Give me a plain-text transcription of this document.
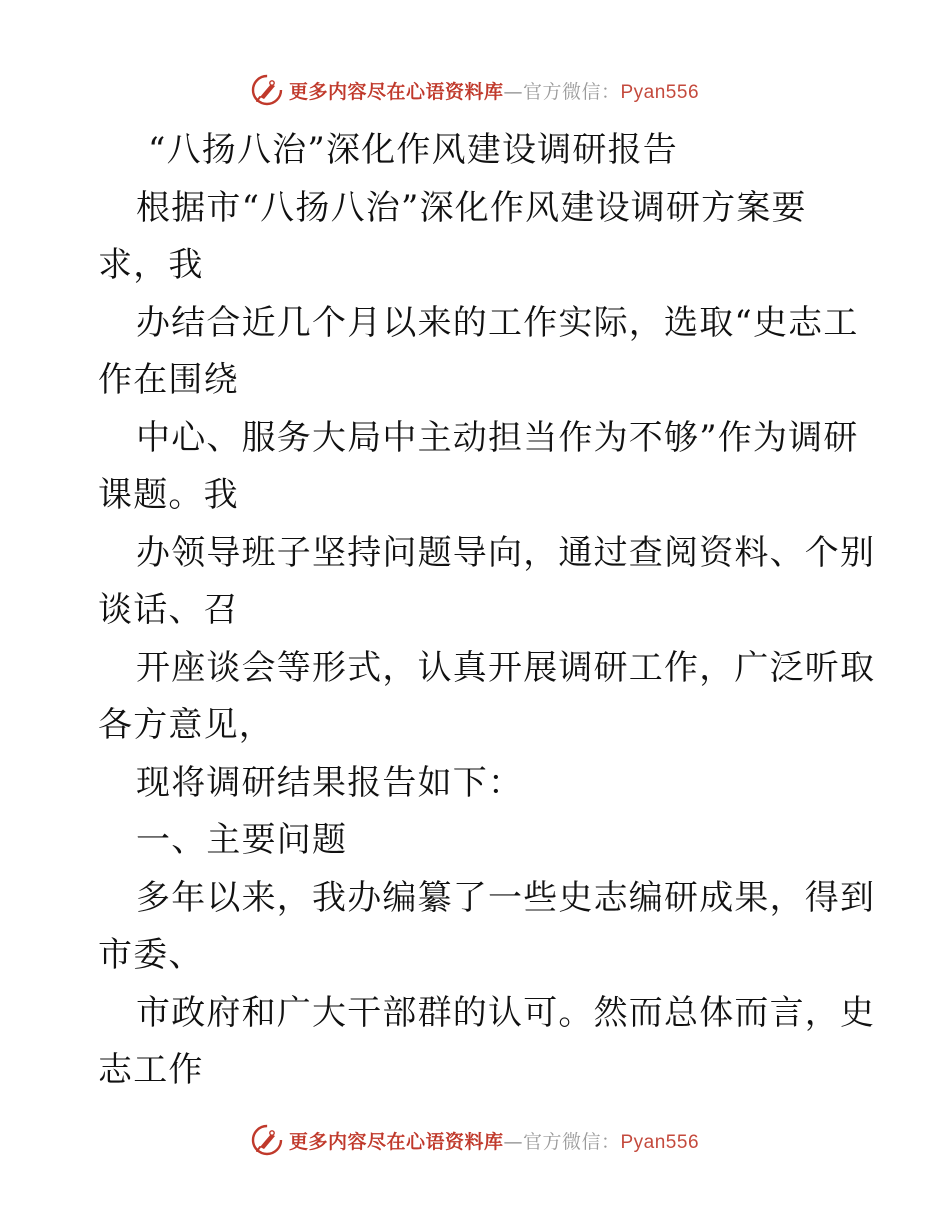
更多内容尽在心语资料库—官方微信：Pyan556
“八扬八治”深化作风建设调研报告
根据市“八扬八治”深化作风建设调研方案要
求，我
办结合近几个月以来的工作实际，选取“史志工
作在围绕
中心、服务大局中主动担当作为不够”作为调研
课题。我
办领导班子坚持问题导向，通过查阅资料、个别
谈话、召
开座谈会等形式，认真开展调研工作，广泛听取
各方意见，
现将调研结果报告如下：
一、主要问题
多年以来，我办编纂了一些史志编研成果，得到
市委、
市政府和广大干部群的认可。然而总体而言，史
志工作
更多内容尽在心语资料库—官方微信：Pyan556
